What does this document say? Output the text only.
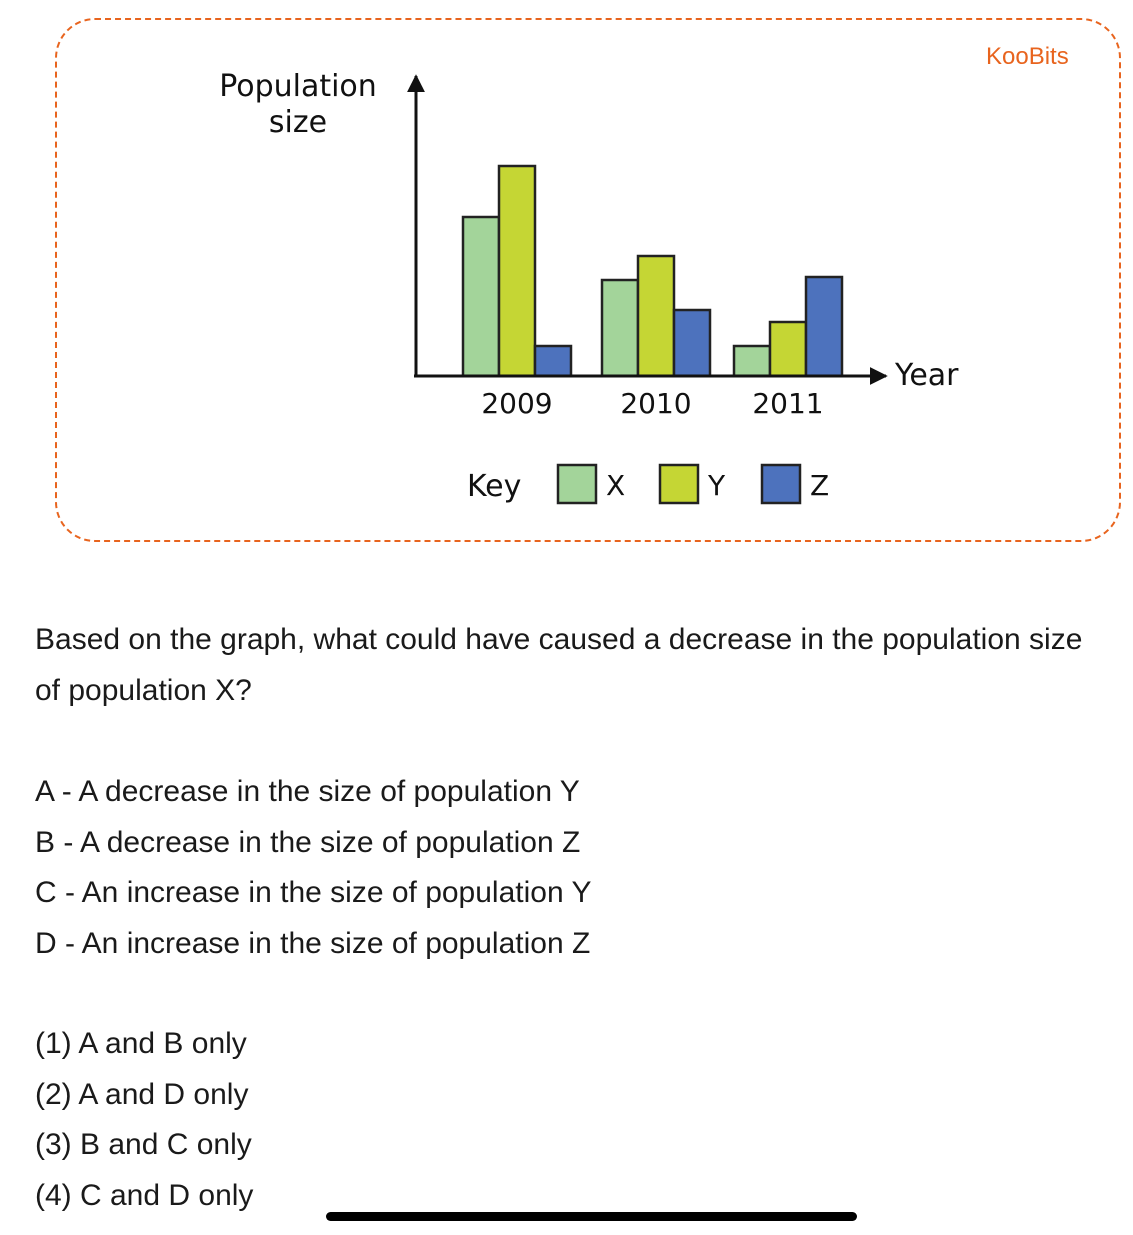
KooBits
Population
size
Year
2009 2010 2011
Key	X	Y	Z
Based on the graph, what could have caused a decrease in the population size of population X?
A - A decrease in the size of population Y
B - A decrease in the size of population Z
C - An increase in the size of population Y
D - An increase in the size of population Z
(1) A and B only
(2) A and D only
(3) B and C only
(4) C and D only
